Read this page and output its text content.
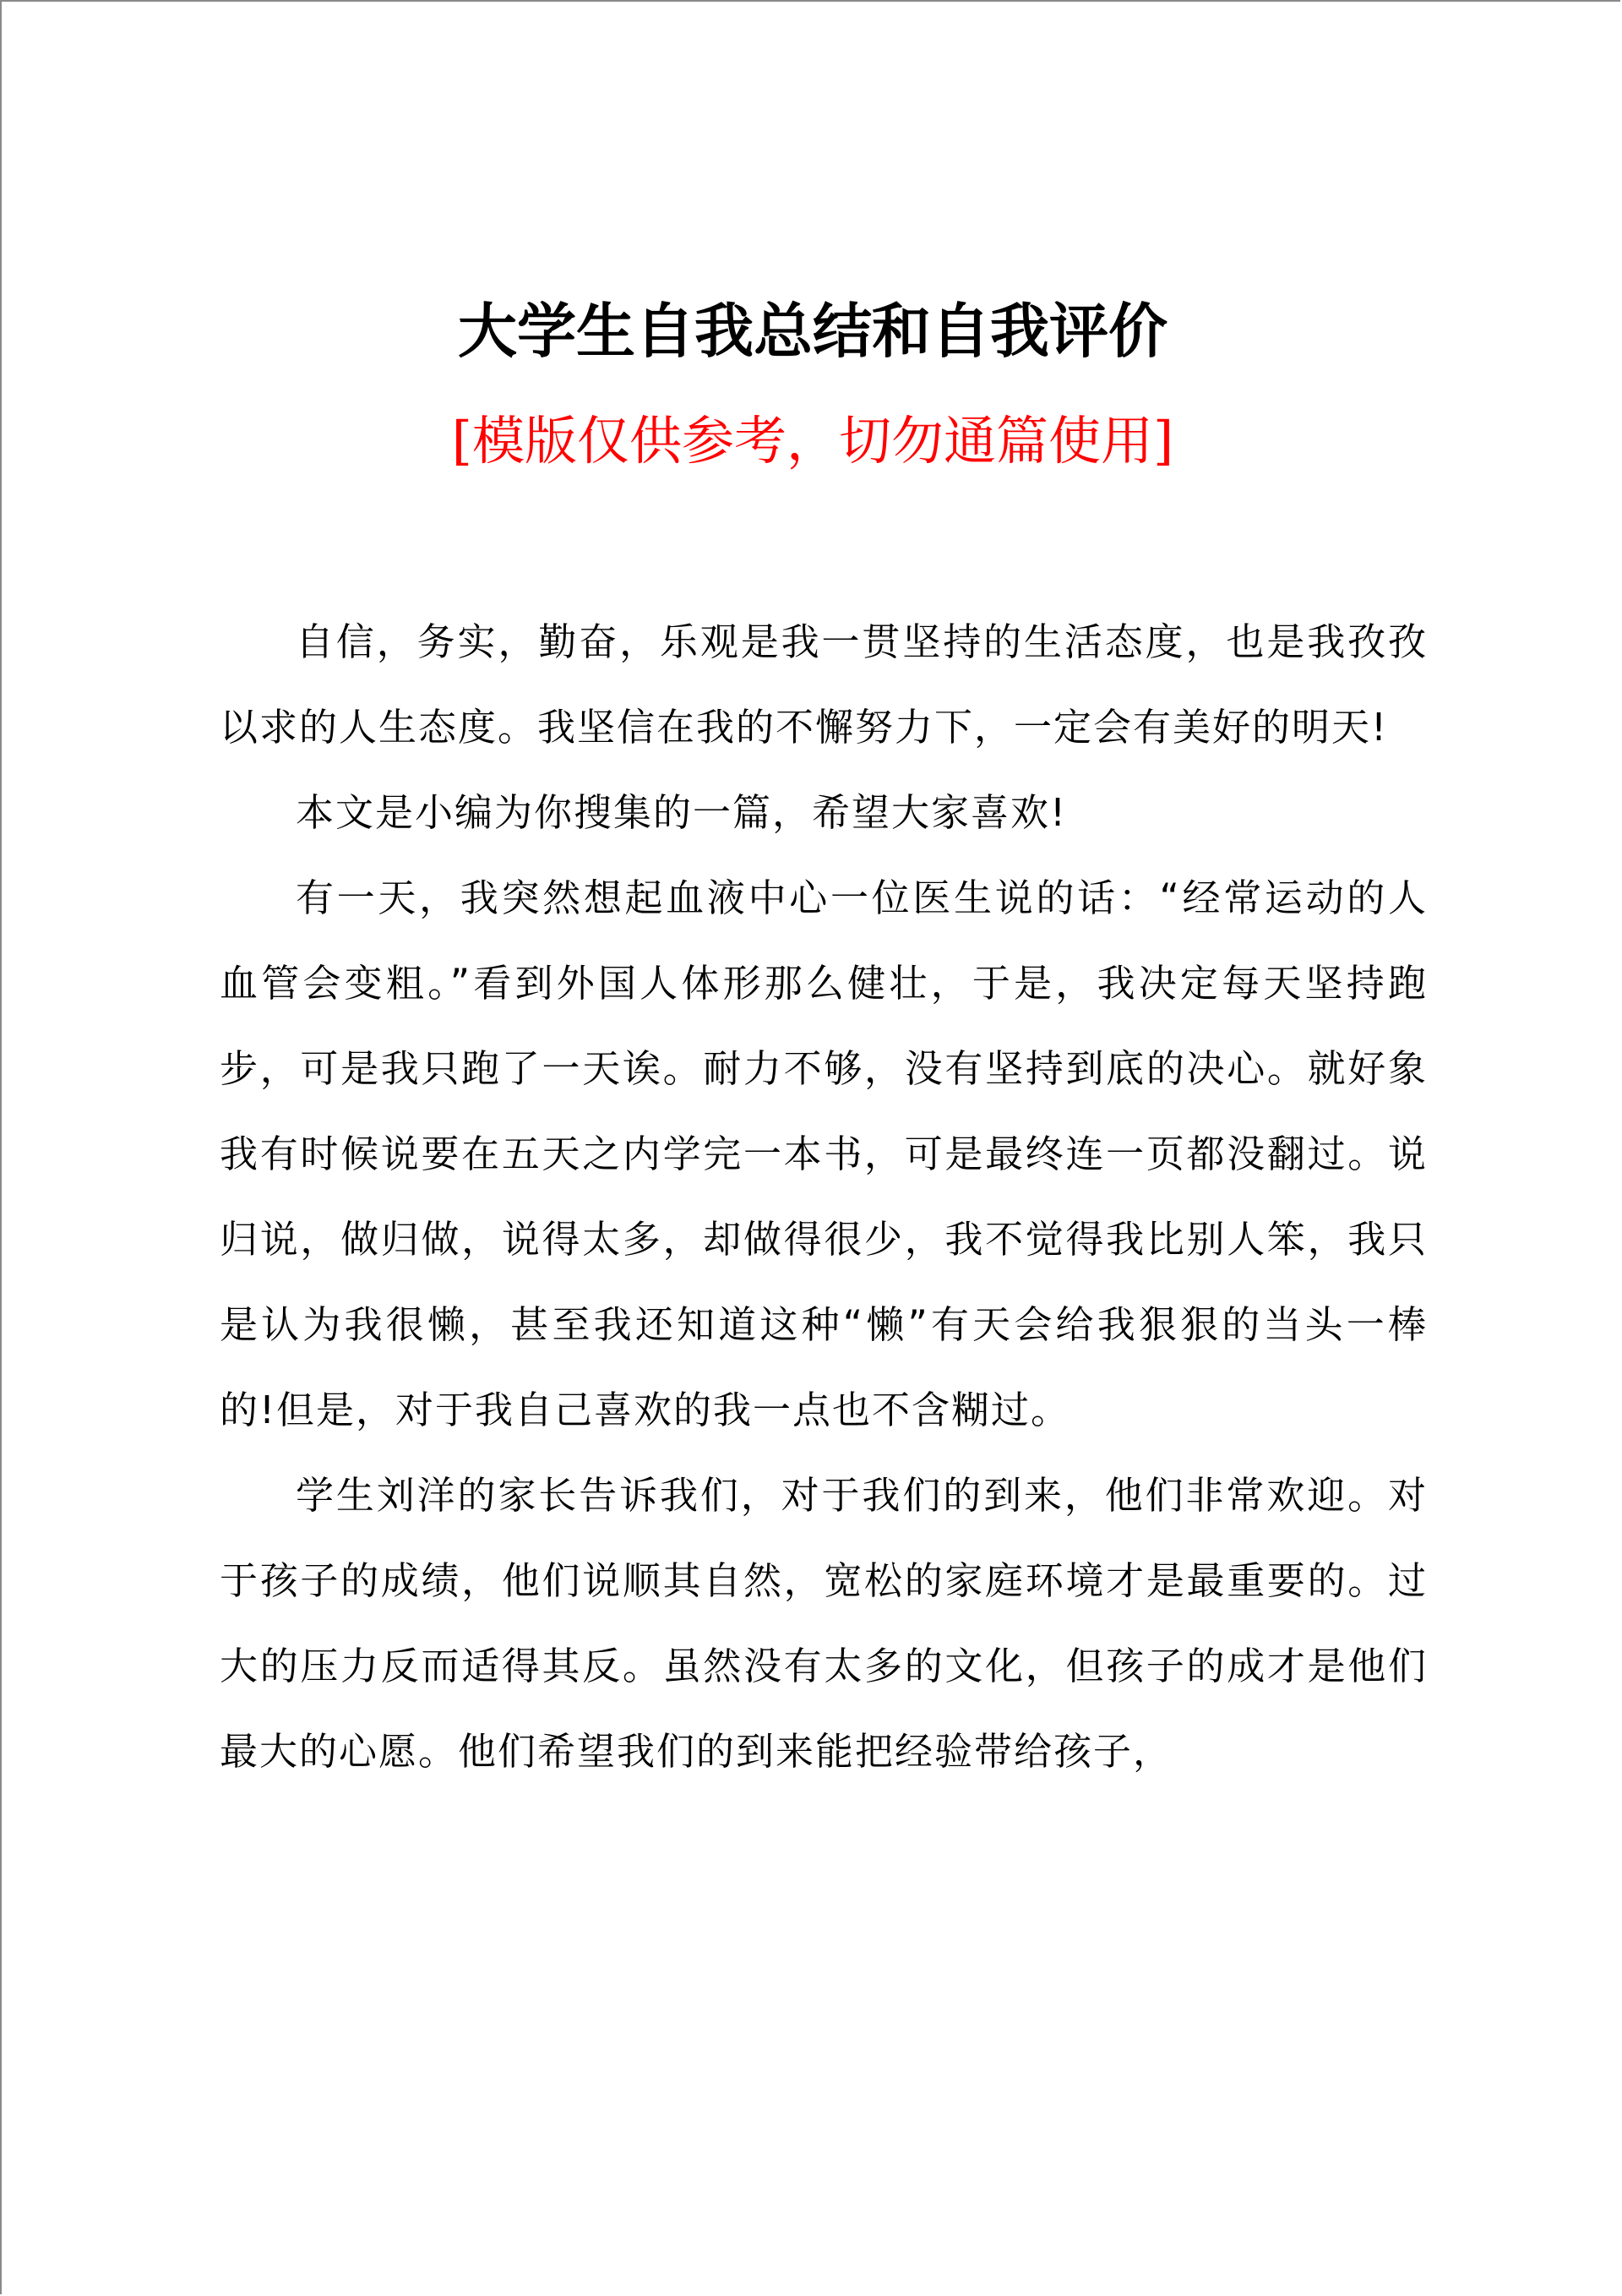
大学生自我总结和自我评价
[模版仅供参考，切勿通篇使用]

自信，务实，勤奋，乐观是我一贯坚持的生活态度，也是我孜孜以求的人生态度。我坚信在我的不懈努力下，一定会有美好的明天!

本文是小编为你搜集的一篇，希望大家喜欢!

有一天，我突然想起血液中心一位医生说的话：“经常运动的人血管会变粗。”看到外国人体形那么健壮，于是，我决定每天坚持跑步，可是我只跑了一天诶。耐力不够，没有坚持到底的决心。就好象我有时候说要在五天之内学完一本书，可是最终连一页都没翻过。说归说，做归做，说得太多，却做得很少，我不觉得我比别人笨，我只是认为我很懒，甚至我还知道这种“懒”有天会给我狠狠的当头一棒的!但是，对于我自己喜欢的我一点也不含糊过。

学生刘洋的家长告诉我们，对于我们的到来，他们非常欢迎。对于孩子的成绩，他们说顺其自然，宽松的家庭环境才是最重要的。过大的压力反而适得其反。虽然没有太多的文化，但孩子的成才是他们最大的心愿。他们希望我们的到来能把经验带给孩子，
